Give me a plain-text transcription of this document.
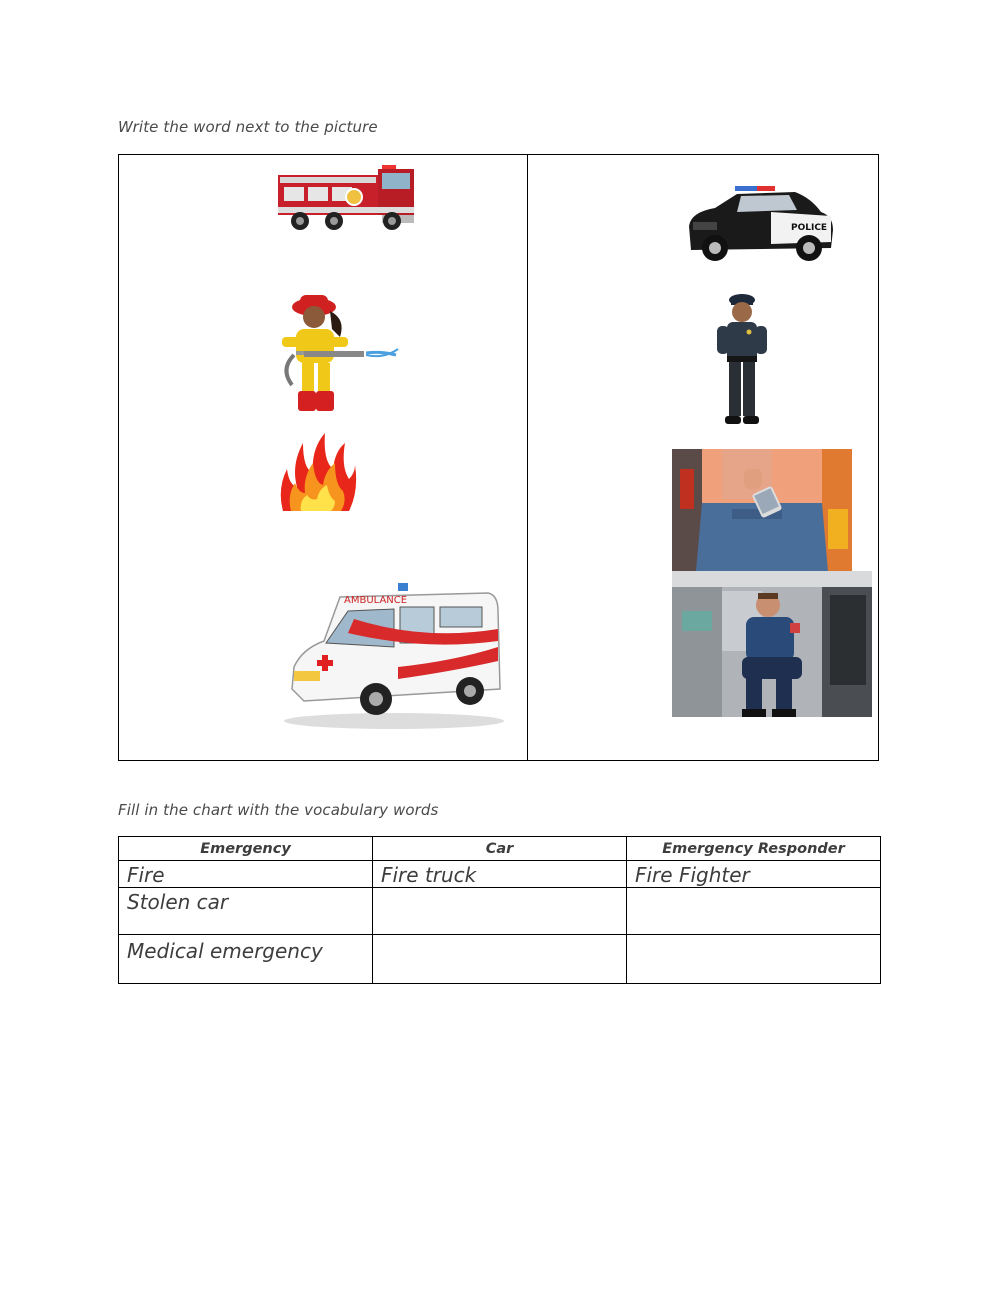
Write the word next to the picture
AMBULANCE
POLICE
Fill in the chart with the vocabulary words
Emergency	Car	Emergency Responder
Fire	Fire truck	Fire Fighter
Stolen car		
Medical emergency		
